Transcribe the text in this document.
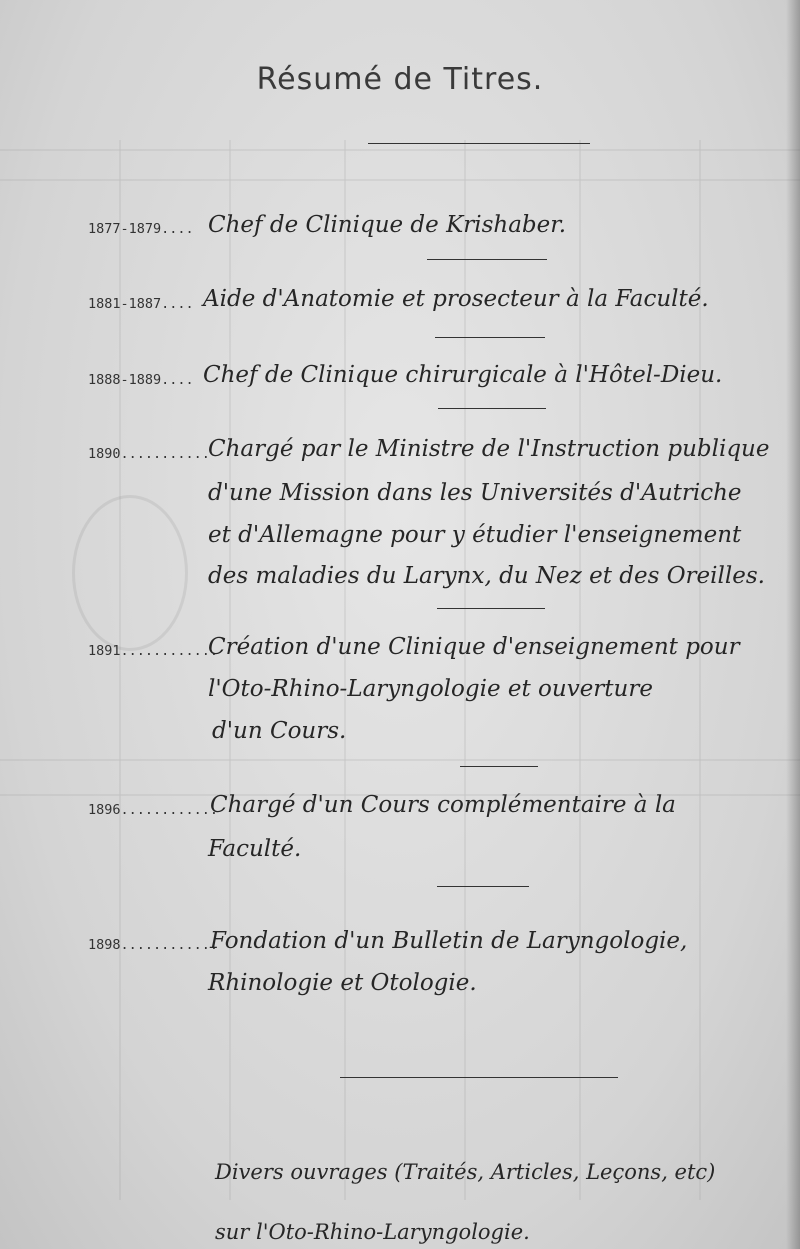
Résumé de Titres.
1877-1879.... Chef de Clinique de Krishaber.
1881-1887.... Aide d'Anatomie et prosecteur à la Faculté.
1888-1889.... Chef de Clinique chirurgicale à l'Hôtel-Dieu.
1890...........
Chargé par le Ministre de l'Instruction publique
d'une Mission dans les Universités d'Autriche
et d'Allemagne pour y étudier l'enseignement
des maladies du Larynx, du Nez et des Oreilles.
1891............
Création d'une Clinique d'enseignement pour
l'Oto-Rhino-Laryngologie et ouverture
d'un Cours.
1896............
Chargé d'un Cours complémentaire à la
Faculté.
1898............
Fondation d'un Bulletin de Laryngologie,
Rhinologie et Otologie.
Divers ouvrages (Traités, Articles, Leçons, etc)
sur l'Oto-Rhino-Laryngologie.
